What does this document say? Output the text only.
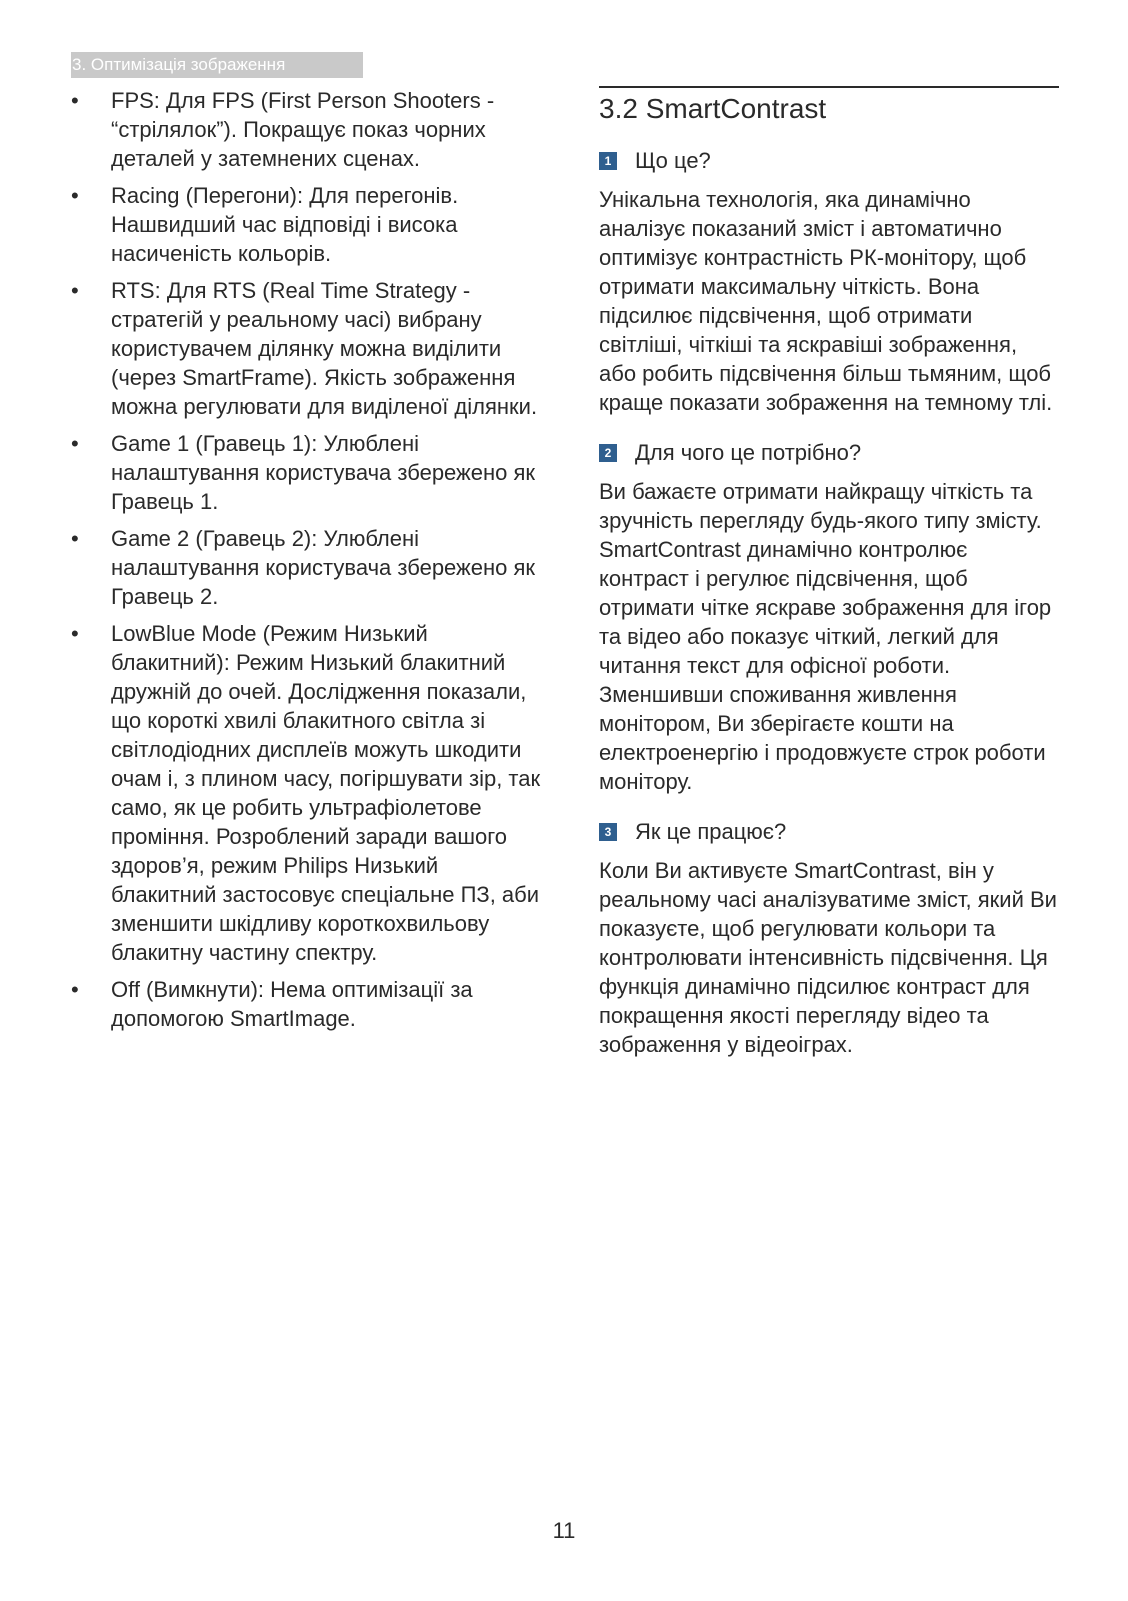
3. Оптимізація зображення
• FPS: Для FPS (First Person Shooters - “стрілялок”). Покращує показ чорних деталей у затемнених сценах.
• Racing (Перегони): Для перегонів. Нашвидший час відповіді і висока насиченість кольорів.
• RTS: Для RTS (Real Time Strategy - стратегій у реальному часі) вибрану користувачем ділянку можна виділити (через SmartFrame). Якість зображення можна регулювати для виділеної ділянки.
• Game 1 (Гравець 1): Улюблені налаштування користувача збережено як Гравець 1.
• Game 2 (Гравець 2): Улюблені налаштування користувача збережено як Гравець 2.
• LowBlue Mode (Режим Низький блакитний): Режим Низький блакитний дружній до очей. Дослідження показали, що короткі хвилі блакитного світла зі світлодіодних дисплеїв можуть шкодити очам і, з плином часу, погіршувати зір, так само, як це робить ультрафіолетове проміння. Розроблений заради вашого здоров’я, режим Philips Низький блакитний застосовує спеціальне ПЗ, аби зменшити шкідливу короткохвильову блакитну частину спектру.
• Off (Вимкнути): Нема оптимізації за допомогою SmartImage.
3.2 SmartContrast
1 Що це?

Унікальна технологія, яка динамічно аналізує показаний зміст і автоматично оптимізує контрастність РК-монітору, щоб отримати максимальну чіткість. Вона підсилює підсвічення, щоб отримати світліші, чіткіші та яскравіші зображення, або робить підсвічення більш тьмяним, щоб краще показати зображення на темному тлі.

2 Для чого це потрібно?

Ви бажаєте отримати найкращу чіткість та зручність перегляду будь-якого типу змісту. SmartContrast динамічно контролює контраст і регулює підсвічення, щоб отримати чітке яскраве зображення для ігор та відео або показує чіткий, легкий для читання текст для офісної роботи. Зменшивши споживання живлення монітором, Ви зберігаєте кошти на електроенергію і продовжуєте строк роботи монітору.

3 Як це працює?

Коли Ви активуєте SmartContrast, він у реальному часі аналізуватиме зміст, який Ви показуєте, щоб регулювати кольори та контролювати інтенсивність підсвічення. Ця функція динамічно підсилює контраст для покращення якості перегляду відео та зображення у відеоіграх.

11
